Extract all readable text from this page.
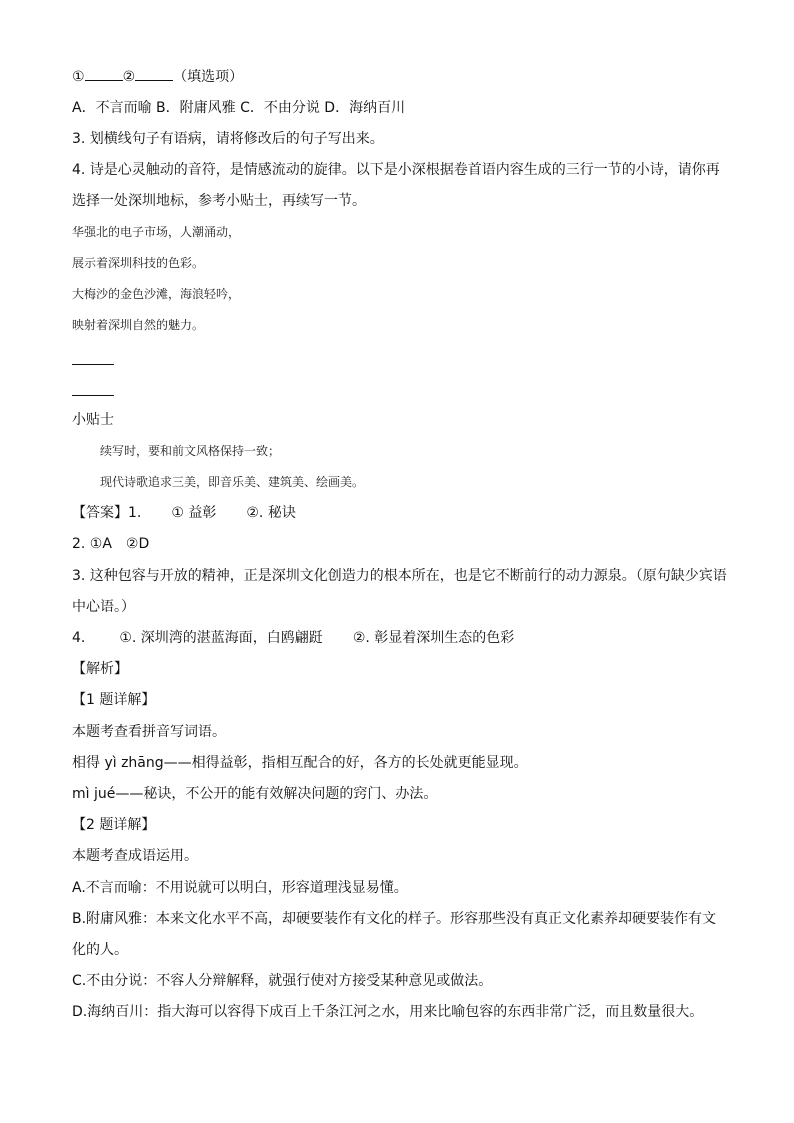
①	②	（填选项）
A．不言而喻 B．附庸风雅 C．不由分说 D．海纳百川
3. 划横线句子有语病，请将修改后的句子写出来。
4. 诗是心灵触动的音符，是情感流动的旋律。以下是小深根据卷首语内容生成的三行一节的小诗，请你再
选择一处深圳地标，参考小贴士，再续写一节。
华强北的电子市场，人潮涌动，
展示着深圳科技的色彩。
大梅沙的金色沙滩，海浪轻吟，
映射着深圳自然的魅力。
小贴士
续写时，要和前文风格保持一致；
现代诗歌追求三美，即音乐美、建筑美、绘画美。
【答案】1. ① 益彰 ②. 秘诀
2. ①A　②D
3. 这种包容与开放的精神，正是深圳文化创造力的根本所在，也是它不断前行的动力源泉。（原句缺少宾语
中心语。）
4. ①. 深圳湾的湛蓝海面，白鸥翩跹 ②. 彰显着深圳生态的色彩
【解析】
【1 题详解】
本题考查看拼音写词语。
相得 yì zhāng——相得益彰，指相互配合的好，各方的长处就更能显现。
mì jué——秘诀，不公开的能有效解决问题的窍门、办法。
【2 题详解】
本题考查成语运用。
A.不言而喻：不用说就可以明白，形容道理浅显易懂。
B.附庸风雅：本来文化水平不高，却硬要装作有文化的样子。形容那些没有真正文化素养却硬要装作有文
化的人。
C.不由分说：不容人分辩解释，就强行使对方接受某种意见或做法。
D.海纳百川：指大海可以容得下成百上千条江河之水，用来比喻包容的东西非常广泛，而且数量很大。
